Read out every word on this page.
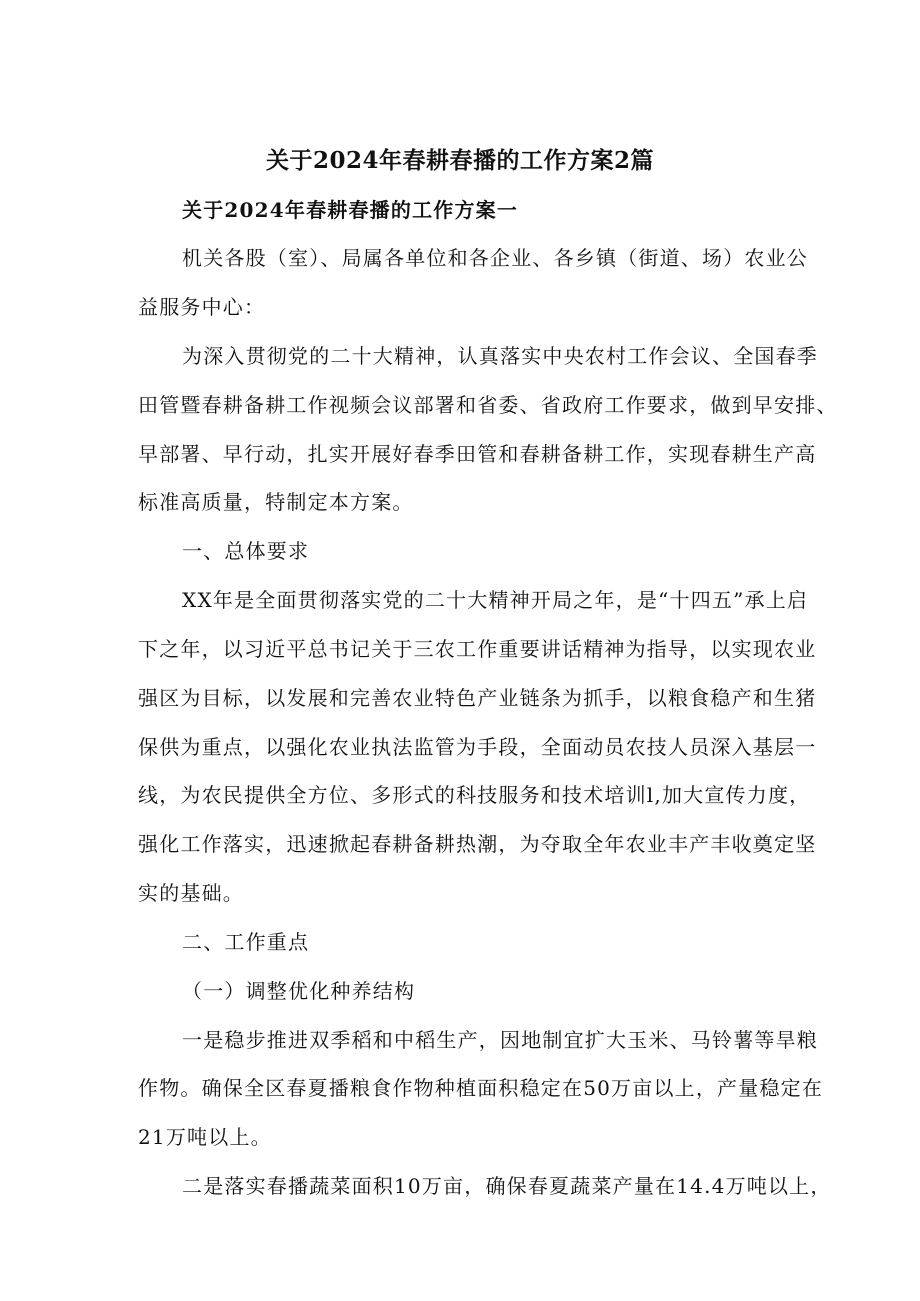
关于2024年春耕春播的工作方案2篇
关于2024年春耕春播的工作方案一
机关各股（室）、局属各单位和各企业、各乡镇（街道、场）农业公
益服务中心：
为深入贯彻党的二十大精神，认真落实中央农村工作会议、全国春季
田管暨春耕备耕工作视频会议部署和省委、省政府工作要求，做到早安排、
早部署、早行动，扎实开展好春季田管和春耕备耕工作，实现春耕生产高
标准高质量，特制定本方案。
一、总体要求
XX年是全面贯彻落实党的二十大精神开局之年，是“十四五”承上启
下之年，以习近平总书记关于三农工作重要讲话精神为指导，以实现农业
强区为目标，以发展和完善农业特色产业链条为抓手，以粮食稳产和生猪
保供为重点，以强化农业执法监管为手段，全面动员农技人员深入基层一
线，为农民提供全方位、多形式的科技服务和技术培训l,加大宣传力度，
强化工作落实，迅速掀起春耕备耕热潮，为夺取全年农业丰产丰收奠定坚
实的基础。
二、工作重点
（一）调整优化种养结构
一是稳步推进双季稻和中稻生产，因地制宜扩大玉米、马铃薯等旱粮
作物。确保全区春夏播粮食作物种植面积稳定在50万亩以上，产量稳定在
21万吨以上。
二是落实春播蔬菜面积10万亩，确保春夏蔬菜产量在14.4万吨以上，
